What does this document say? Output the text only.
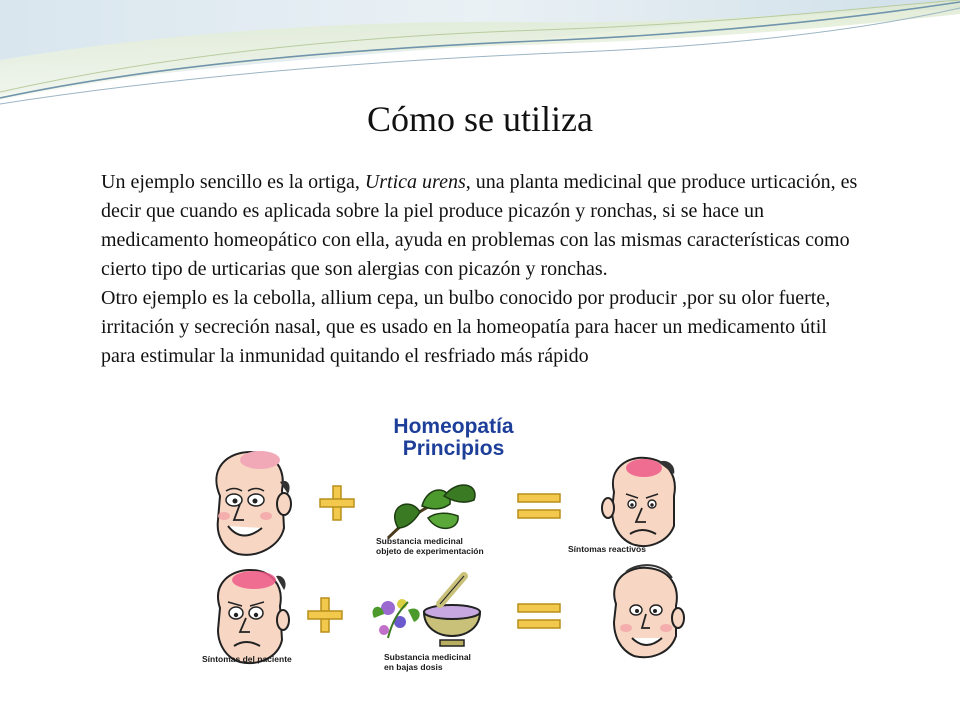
Cómo se utiliza

Un ejemplo sencillo es la ortiga, Urtica urens, una planta medicinal que produce urticación, es decir que cuando es aplicada sobre la piel produce picazón y ronchas, si se hace un medicamento homeopático con ella, ayuda en problemas con las mismas características como cierto tipo de urticarias que son alergias con picazón y ronchas.

Otro ejemplo es la cebolla, allium cepa, un bulbo conocido por producir ,por su olor fuerte, irritación y secreción nasal, que es usado en la homeopatía para hacer un medicamento útil para estimular la inmunidad quitando el resfriado más rápido

Homeopatía
Principios
Substancia medicinal
objeto de experimentación	Síntomas reactivos
Síntomas del paciente	Substancia medicinal
en bajas dosis
